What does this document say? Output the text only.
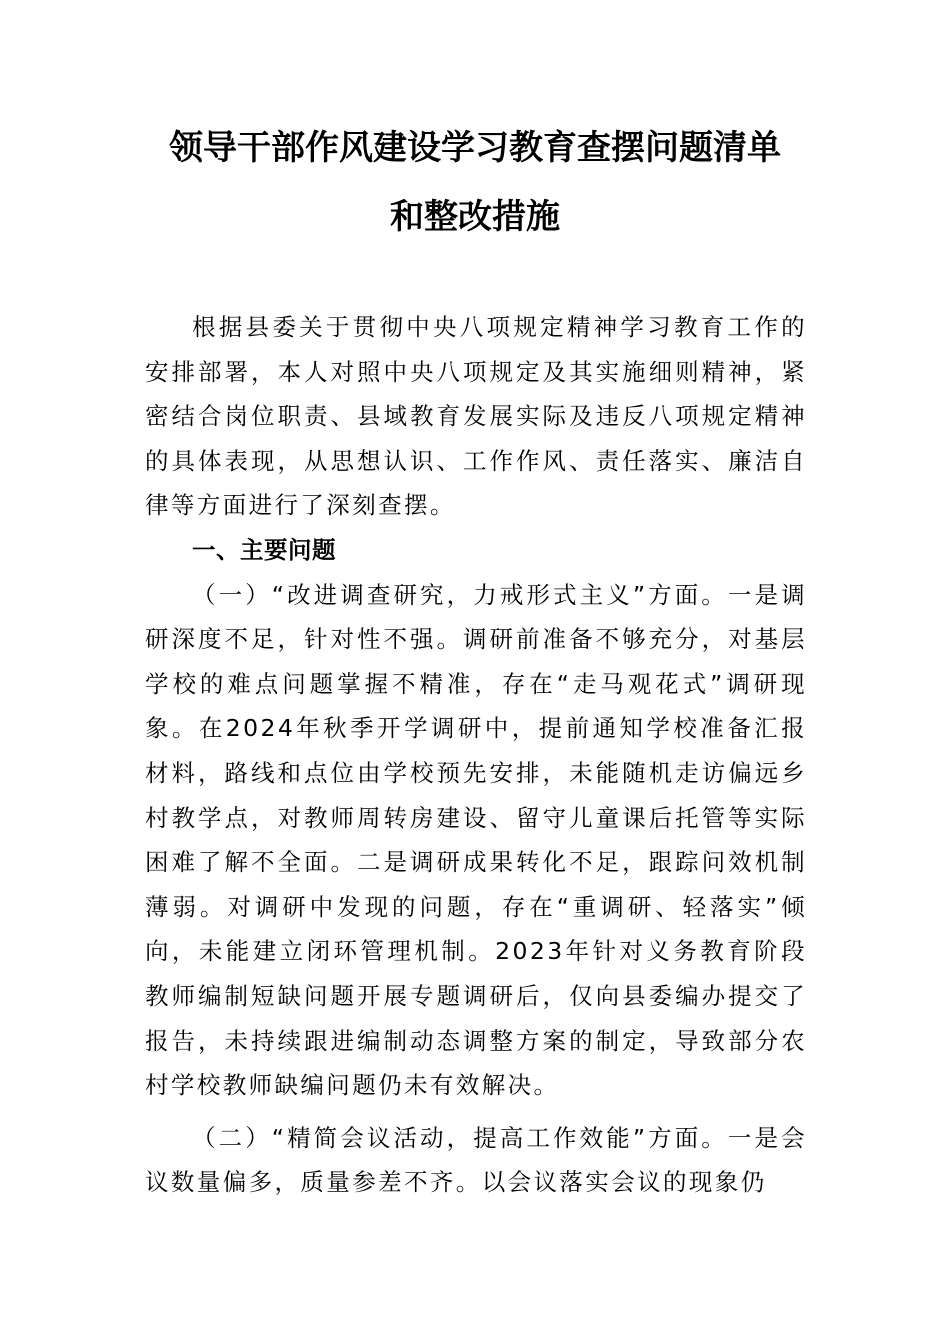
领导干部作风建设学习教育查摆问题清单
和整改措施

根据县委关于贯彻中央八项规定精神学习教育工作的安排部署，本人对照中央八项规定及其实施细则精神，紧密结合岗位职责、县域教育发展实际及违反八项规定精神的具体表现，从思想认识、工作作风、责任落实、廉洁自律等方面进行了深刻查摆。

一、主要问题

（一）“改进调查研究，力戒形式主义”方面。一是调研深度不足，针对性不强。调研前准备不够充分，对基层学校的难点问题掌握不精准，存在“走马观花式”调研现象。在2024年秋季开学调研中，提前通知学校准备汇报材料，路线和点位由学校预先安排，未能随机走访偏远乡村教学点，对教师周转房建设、留守儿童课后托管等实际困难了解不全面。二是调研成果转化不足，跟踪问效机制薄弱。对调研中发现的问题，存在“重调研、轻落实”倾向，未能建立闭环管理机制。2023年针对义务教育阶段教师编制短缺问题开展专题调研后，仅向县委编办提交了报告，未持续跟进编制动态调整方案的制定，导致部分农村学校教师缺编问题仍未有效解决。

（二）“精简会议活动，提高工作效能”方面。一是会议数量偏多，质量参差不齐。以会议落实会议的现象仍
